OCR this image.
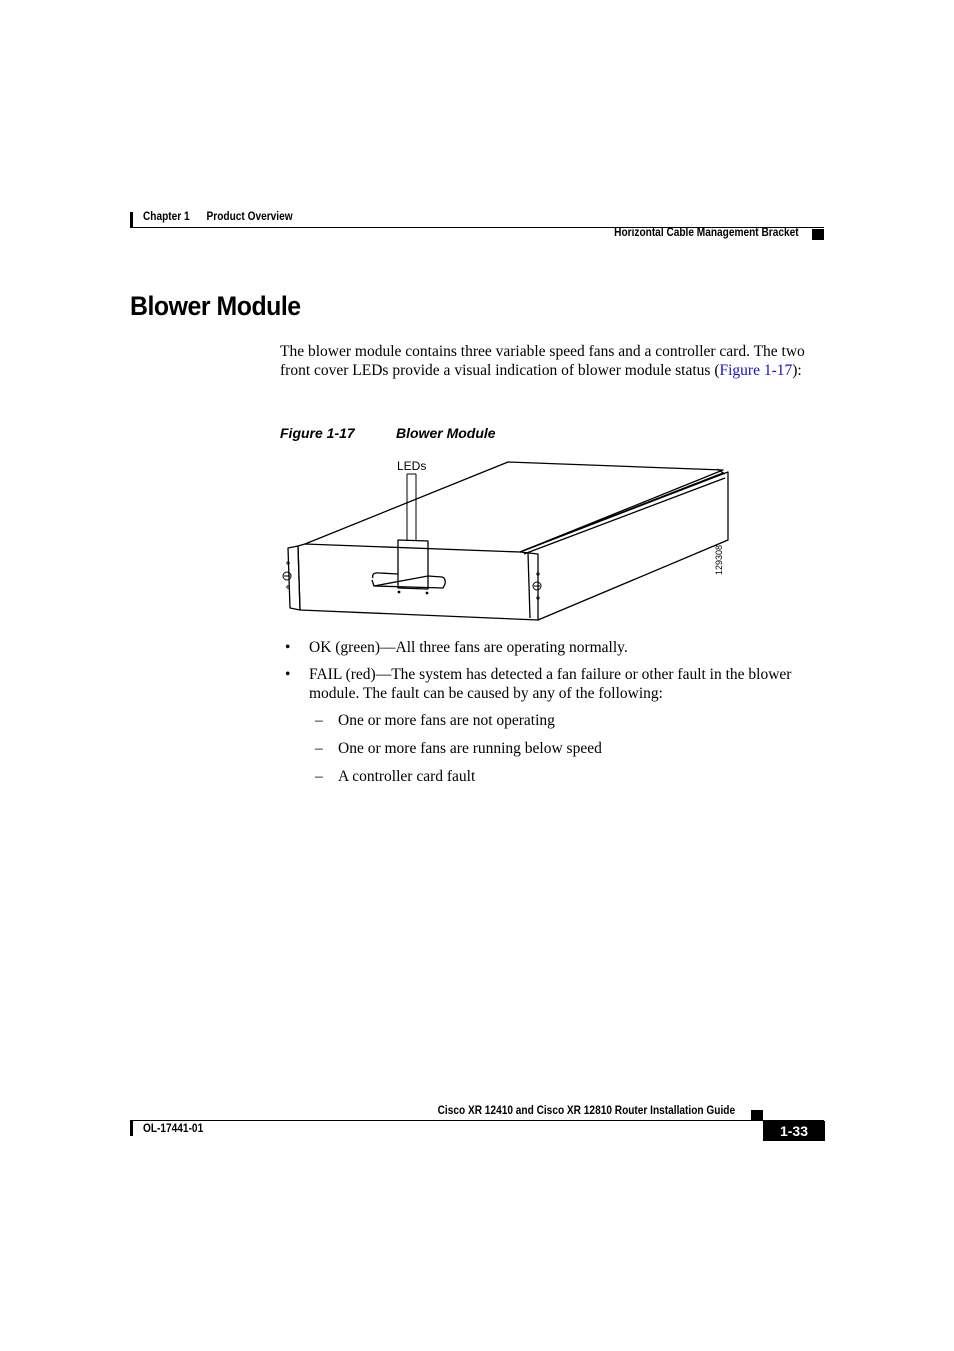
Chapter 1      Product Overview
Horizontal Cable Management Bracket
Blower Module
The blower module contains three variable speed fans and a controller card. The two front cover LEDs provide a visual indication of blower module status (Figure 1-17):
Figure 1-17	Blower Module
LEDs
129308
• OK (green)—All three fans are operating normally.
• FAIL (red)—The system has detected a fan failure or other fault in the blower module. The fault can be caused by any of the following:
– One or more fans are not operating
– One or more fans are running below speed
– A controller card fault
Cisco XR 12410 and Cisco XR 12810 Router Installation Guide
OL-17441-01	1-33
